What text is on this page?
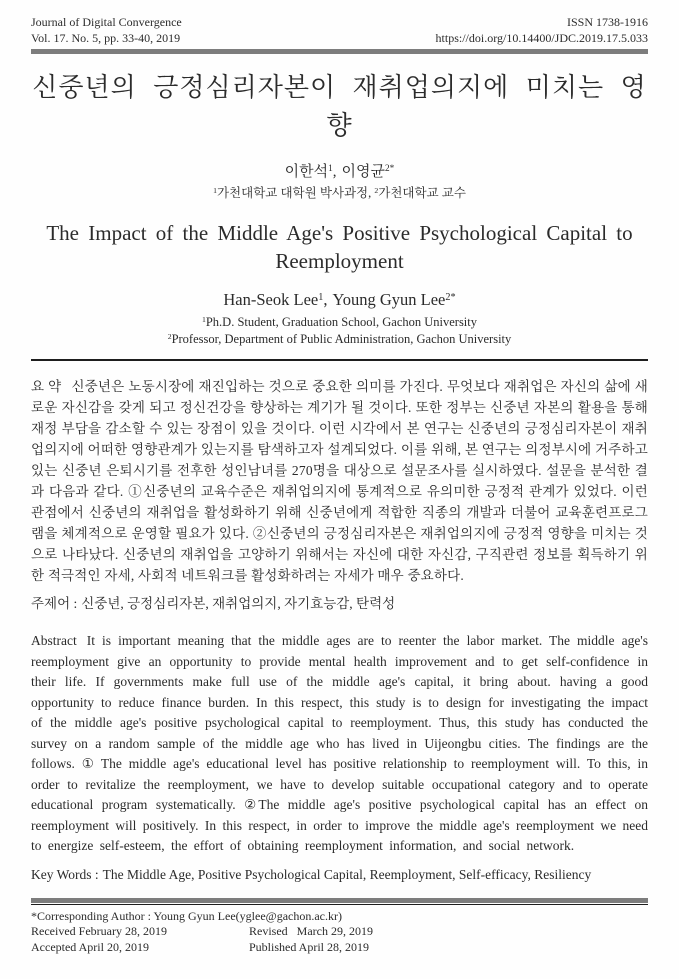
Journal of Digital Convergence
Vol. 17. No. 5, pp. 33-40, 2019
ISSN 1738-1916
https://doi.org/10.14400/JDC.2019.17.5.033
신중년의 긍정심리자본이 재취업의지에 미치는 영향
이한석$^1$, 이영균$^{2*}$
$^1$가천대학교 대학원 박사과정, $^2$가천대학교 교수
The Impact of the Middle Age's Positive Psychological Capital to Reemployment
Han-Seok Lee$^1$, Young Gyun Lee$^{2*}$
$^1$Ph.D. Student, Graduation School, Gachon University
$^2$Professor, Department of Public Administration, Gachon University

요 약 신중년은 노동시장에 재진입하는 것으로 중요한 의미를 가진다. 무엇보다 재취업은 자신의 삶에 새로운 자신감을 갖게 되고 정신건강을 향상하는 계기가 될 것이다. 또한 정부는 신중년 자본의 활용을 통해 재정 부담을 감소할 수 있는 장점이 있을 것이다. 이런 시각에서 본 연구는 신중년의 긍정심리자본이 재취업의지에 어떠한 영향관계가 있는지를 탐색하고자 설계되었다. 이를 위해, 본 연구는 의정부시에 거주하고 있는 신중년 은퇴시기를 전후한 성인남녀를 270명을 대상으로 설문조사를 실시하였다. 설문을 분석한 결과 다음과 같다. ①신중년의 교육수준은 재취업의지에 통계적으로 유의미한 긍정적 관계가 있었다. 이런 관점에서 신중년의 재취업을 활성화하기 위해 신중년에게 적합한 직종의 개발과 더불어 교육훈련프로그램을 체계적으로 운영할 필요가 있다. ②신중년의 긍정심리자본은 재취업의지에 긍정적 영향을 미치는 것으로 나타났다. 신중년의 재취업을 고양하기 위해서는 자신에 대한 자신감, 구직관련 정보를 획득하기 위한 적극적인 자세, 사회적 네트워크를 활성화하려는 자세가 매우 중요하다.

주제어 : 신중년, 긍정심리자본, 재취업의지, 자기효능감, 탄력성

Abstract It is important meaning that the middle ages are to reenter the labor market. The middle age's reemployment give an opportunity to provide mental health improvement and to get self-confidence in their life. If governments make full use of the middle age's capital, it bring about. having a good opportunity to reduce finance burden. In this respect, this study is to design for investigating the impact of the middle age's positive psychological capital to reemployment. Thus, this study has conducted the survey on a random sample of the middle age who has lived in Uijeongbu cities. The findings are the follows. ① The middle age's educational level has positive relationship to reemployment will. To this, in order to revitalize the reemployment, we have to develop suitable occupational category and to operate educational program systematically. ②The middle age's positive psychological capital has an effect on reemployment will positively. In this respect, in order to improve the middle age's reemployment we need to energize self-esteem, the effort of obtaining reemployment information, and social network.

Key Words : The Middle Age, Positive Psychological Capital, Reemployment, Self-efficacy, Resiliency

*Corresponding Author : Young Gyun Lee(yglee@gachon.ac.kr)
Received February 28, 2019	Revised   March 29, 2019
Accepted April 20, 2019	Published April 28, 2019
